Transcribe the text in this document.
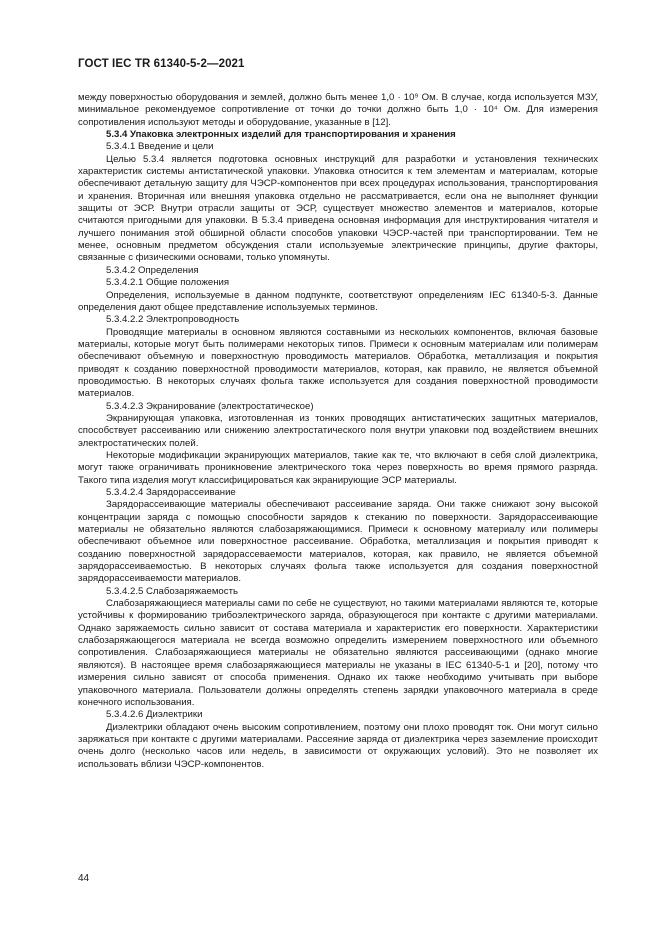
ГОСТ IEC TR 61340-5-2—2021

между поверхностью оборудования и землей, должно быть менее 1,0 · 10⁹ Ом. В случае, когда используется МЗУ, минимальное рекомендуемое сопротивление от точки до точки должно быть 1,0 · 10⁴ Ом. Для измерения сопротивления используют методы и оборудование, указанные в [12].

5.3.4 Упаковка электронных изделий для транспортирования и хранения

5.3.4.1 Введение и цели

Целью 5.3.4 является подготовка основных инструкций для разработки и установления технических характеристик системы антистатической упаковки. Упаковка относится к тем элементам и материалам, которые обеспечивают детальную защиту для ЧЭСР-компонентов при всех процедурах использования, транспортирования и хранения. Вторичная или внешняя упаковка отдельно не рассматривается, если она не выполняет функции защиты от ЭСР. Внутри отрасли защиты от ЭСР, существует множество элементов и материалов, которые считаются пригодными для упаковки. В 5.3.4 приведена основная информация для инструктирования читателя и лучшего понимания этой обширной области способов упаковки ЧЭСР-частей при транспортировании. Тем не менее, основным предметом обсуждения стали используемые электрические принципы, другие факторы, связанные с физическими основами, только упомянуты.

5.3.4.2 Определения

5.3.4.2.1 Общие положения

Определения, используемые в данном подпункте, соответствуют определениям IEC 61340-5-3. Данные определения дают общее представление используемых терминов.

5.3.4.2.2 Электропроводность

Проводящие материалы в основном являются составными из нескольких компонентов, включая базовые материалы, которые могут быть полимерами некоторых типов. Примеси к основным материалам или полимерам обеспечивают объемную и поверхностную проводимость материалов. Обработка, металлизация и покрытия приводят к созданию поверхностной проводимости материалов, которая, как правило, не является объемной проводимостью. В некоторых случаях фольга также используется для создания поверхностной проводимости материалов.

5.3.4.2.3 Экранирование (электростатическое)

Экранирующая упаковка, изготовленная из тонких проводящих антистатических защитных материалов, способствует рассеиванию или снижению электростатического поля внутри упаковки под воздействием внешних электростатических полей.

Некоторые модификации экранирующих материалов, такие как те, что включают в себя слой диэлектрика, могут также ограничивать проникновение электрического тока через поверхность во время прямого разряда. Такого типа изделия могут классифицироваться как экранирующие ЭСР материалы.

5.3.4.2.4 Зарядорассеивание

Зарядорассеивающие материалы обеспечивают рассеивание заряда. Они также снижают зону высокой концентрации заряда с помощью способности зарядов к стеканию по поверхности. Зарядорассеивающие материалы не обязательно являются слабозаряжающимися. Примеси к основному материалу или полимеры обеспечивают объемное или поверхностное рассеивание. Обработка, металлизация и покрытия приводят к созданию поверхностной зарядорассеваемости материалов, которая, как правило, не является объемной зарядорассеиваемостью. В некоторых случаях фольга также используется для создания поверхностной зарядорассеиваемости материалов.

5.3.4.2.5 Слабозаряжаемость

Слабозаряжающиеся материалы сами по себе не существуют, но такими материалами являются те, которые устойчивы к формированию трибоэлектрического заряда, образующегося при контакте с другими материалами. Однако заряжаемость сильно зависит от состава материала и характеристик его поверхности. Характеристики слабозаряжающегося материала не всегда возможно определить измерением поверхностного или объемного сопротивления. Слабозаряжающиеся материалы не обязательно являются рассеивающими (однако многие являются). В настоящее время слабозаряжающиеся материалы не указаны в IEC 61340-5-1 и [20], потому что измерения сильно зависят от способа применения. Однако их также необходимо учитывать при выборе упаковочного материала. Пользователи должны определять степень зарядки упаковочного материала в среде конечного использования.

5.3.4.2.6 Диэлектрики

Диэлектрики обладают очень высоким сопротивлением, поэтому они плохо проводят ток. Они могут сильно заряжаться при контакте с другими материалами. Рассеяние заряда от диэлектрика через заземление происходит очень долго (несколько часов или недель, в зависимости от окружающих условий). Это не позволяет их использовать вблизи ЧЭСР-компонентов.

44
